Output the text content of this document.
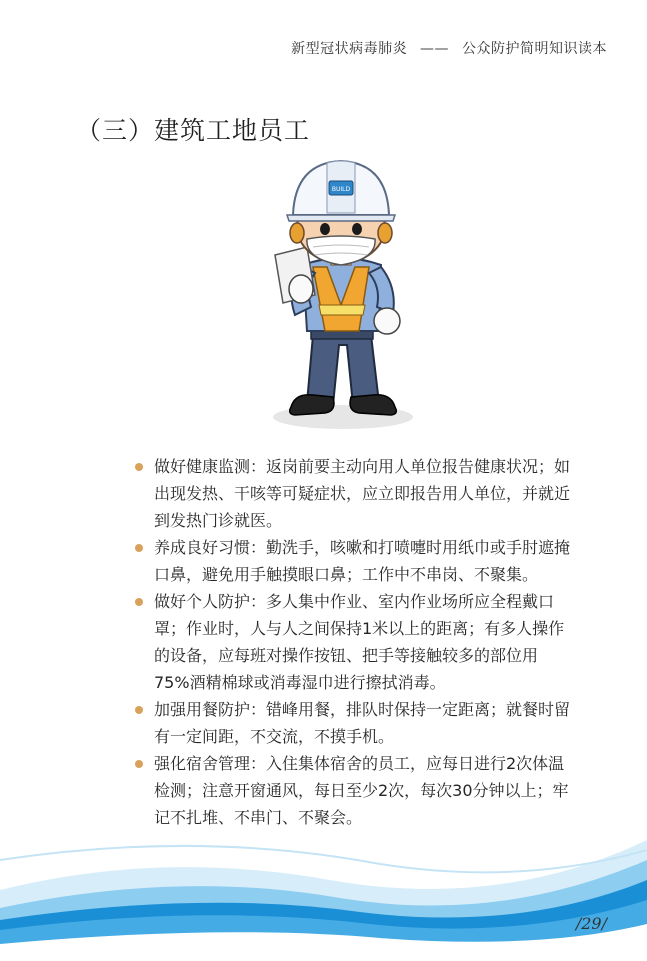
新型冠状病毒肺炎 —— 公众防护简明知识读本
（三）建筑工地员工
BUILD
做好健康监测：返岗前要主动向用人单位报告健康状况；如出现发热、干咳等可疑症状，应立即报告用人单位，并就近到发热门诊就医。
养成良好习惯：勤洗手，咳嗽和打喷嚏时用纸巾或手肘遮掩口鼻，避免用手触摸眼口鼻；工作中不串岗、不聚集。
做好个人防护：多人集中作业、室内作业场所应全程戴口罩；作业时，人与人之间保持1米以上的距离；有多人操作的设备，应每班对操作按钮、把手等接触较多的部位用75%酒精棉球或消毒湿巾进行擦拭消毒。
加强用餐防护：错峰用餐，排队时保持一定距离；就餐时留有一定间距，不交流，不摸手机。
强化宿舍管理：入住集体宿舍的员工，应每日进行2次体温检测；注意开窗通风，每日至少2次，每次30分钟以上；牢记不扎堆、不串门、不聚会。
/29/
